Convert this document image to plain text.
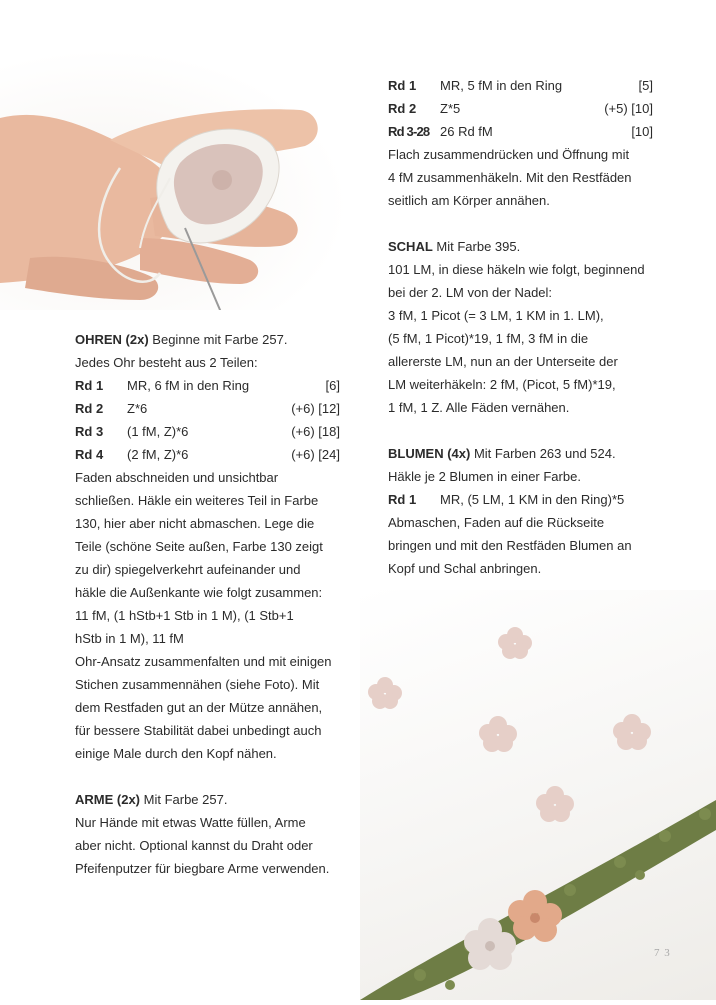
OHREN (2x) Beginne mit Farbe 257.

Jedes Ohr besteht aus 2 Teilen:

Rd 1	MR, 6 fM in den Ring	[6]
Rd 2	Z*6	(+6) [12]
Rd 3	(1 fM, Z)*6	(+6) [18]
Rd 4	(2 fM, Z)*6	(+6) [24]

Faden abschneiden und unsichtbar

schließen. Häkle ein weiteres Teil in Farbe

130, hier aber nicht abmaschen. Lege die

Teile (schöne Seite außen, Farbe 130 zeigt

zu dir) spiegelverkehrt aufeinander und

häkle die Außenkante wie folgt zusammen:

11 fM, (1 hStb+1 Stb in 1 M), (1 Stb+1

hStb in 1 M), 11 fM

Ohr-Ansatz zusammenfalten und mit einigen

Stichen zusammennähen (siehe Foto). Mit

dem Restfaden gut an der Mütze annähen,

für bessere Stabilität dabei unbedingt auch

einige Male durch den Kopf nähen.

ARME (2x) Mit Farbe 257.

Nur Hände mit etwas Watte füllen, Arme

aber nicht. Optional kannst du Draht oder

Pfeifenputzer für biegbare Arme verwenden.

Rd 1	MR, 5 fM in den Ring	[5]
Rd 2	Z*5	(+5) [10]
Rd 3-28 26 Rd fM	[10]

Flach zusammendrücken und Öffnung mit

4 fM zusammenhäkeln. Mit den Restfäden

seitlich am Körper annähen.

SCHAL Mit Farbe 395.

101 LM, in diese häkeln wie folgt, beginnend

bei der 2. LM von der Nadel:

3 fM, 1 Picot (= 3 LM, 1 KM in 1. LM),

(5 fM, 1 Picot)*19, 1 fM, 3 fM in die

allererste LM, nun an der Unterseite der

LM weiterhäkeln: 2 fM, (Picot, 5 fM)*19,

1 fM, 1 Z. Alle Fäden vernähen.

BLUMEN (4x) Mit Farben 263 und 524.

Häkle je 2 Blumen in einer Farbe.

Rd 1	MR, (5 LM, 1 KM in den Ring)*5

Abmaschen, Faden auf die Rückseite

bringen und mit den Restfäden Blumen an

Kopf und Schal anbringen.

7 3
